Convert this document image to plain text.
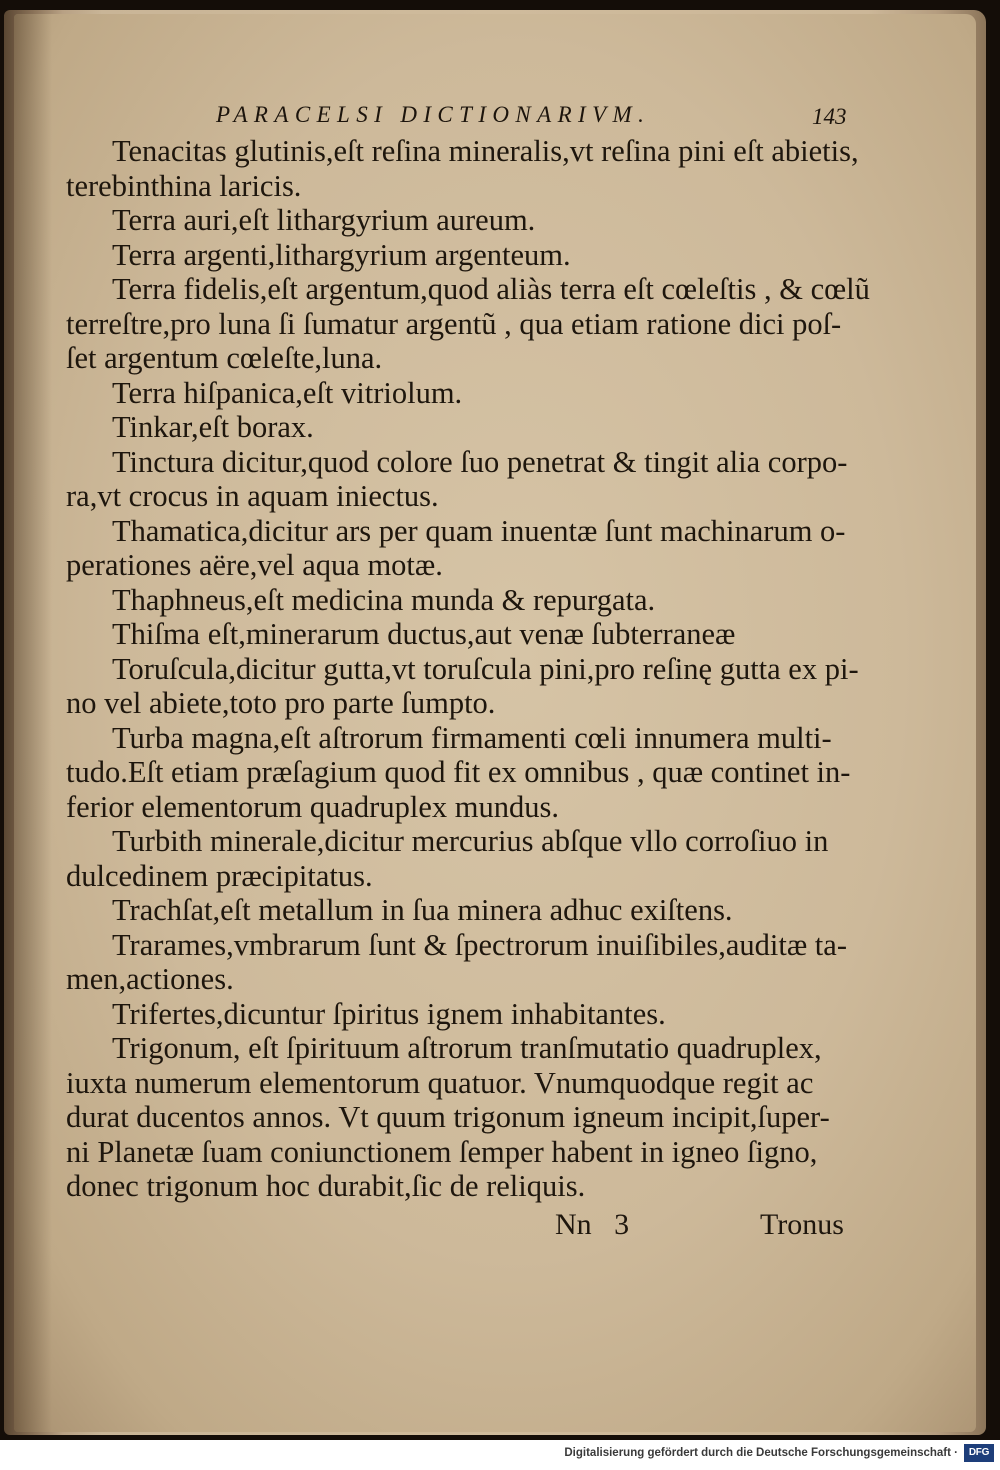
PARACELSI DICTIONARIVM.	143
Tenacitas glutinis,eſt reſina mineralis,vt reſina pini eſt abietis,
terebinthina laricis.
Terra auri,eſt lithargyrium aureum.
Terra argenti,lithargyrium argenteum.
Terra fidelis,eſt argentum,quod aliàs terra eſt cœleſtis , & cœlũ
terreſtre,pro luna ſi ſumatur argentũ , qua etiam ratione dici poſ-
ſet argentum cœleſte,luna.
Terra hiſpanica,eſt vitriolum.
Tinkar,eſt borax.
Tinctura dicitur,quod colore ſuo penetrat & tingit alia corpo-
ra,vt crocus in aquam iniectus.
Thamatica,dicitur ars per quam inuentæ ſunt machinarum o-
perationes aëre,vel aqua motæ.
Thaphneus,eſt medicina munda & repurgata.
Thiſma eſt,minerarum ductus,aut venæ ſubterraneæ
Toruſcula,dicitur gutta,vt toruſcula pini,pro reſinę gutta ex pi-
no vel abiete,toto pro parte ſumpto.
Turba magna,eſt aſtrorum firmamenti cœli innumera multi-
tudo.Eſt etiam præſagium quod fit ex omnibus , quæ continet in-
ferior elementorum quadruplex mundus.
Turbith minerale,dicitur mercurius abſque vllo corroſiuo in
dulcedinem præcipitatus.
Trachſat,eſt metallum in ſua minera adhuc exiſtens.
Trarames,vmbrarum ſunt & ſpectrorum inuiſibiles,auditæ ta-
men,actiones.
Trifertes,dicuntur ſpiritus ignem inhabitantes.
Trigonum, eſt ſpirituum aſtrorum tranſmutatio quadruplex,
iuxta numerum elementorum quatuor. Vnumquodque regit ac
durat ducentos annos. Vt quum trigonum igneum incipit,ſuper-
ni Planetæ ſuam coniunctionem ſemper habent in igneo ſigno,
donec trigonum hoc durabit,ſic de reliquis.
Nn   3	Tronus
Digitalisierung gefördert durch die Deutsche Forschungsgemeinschaft ·	DFG
